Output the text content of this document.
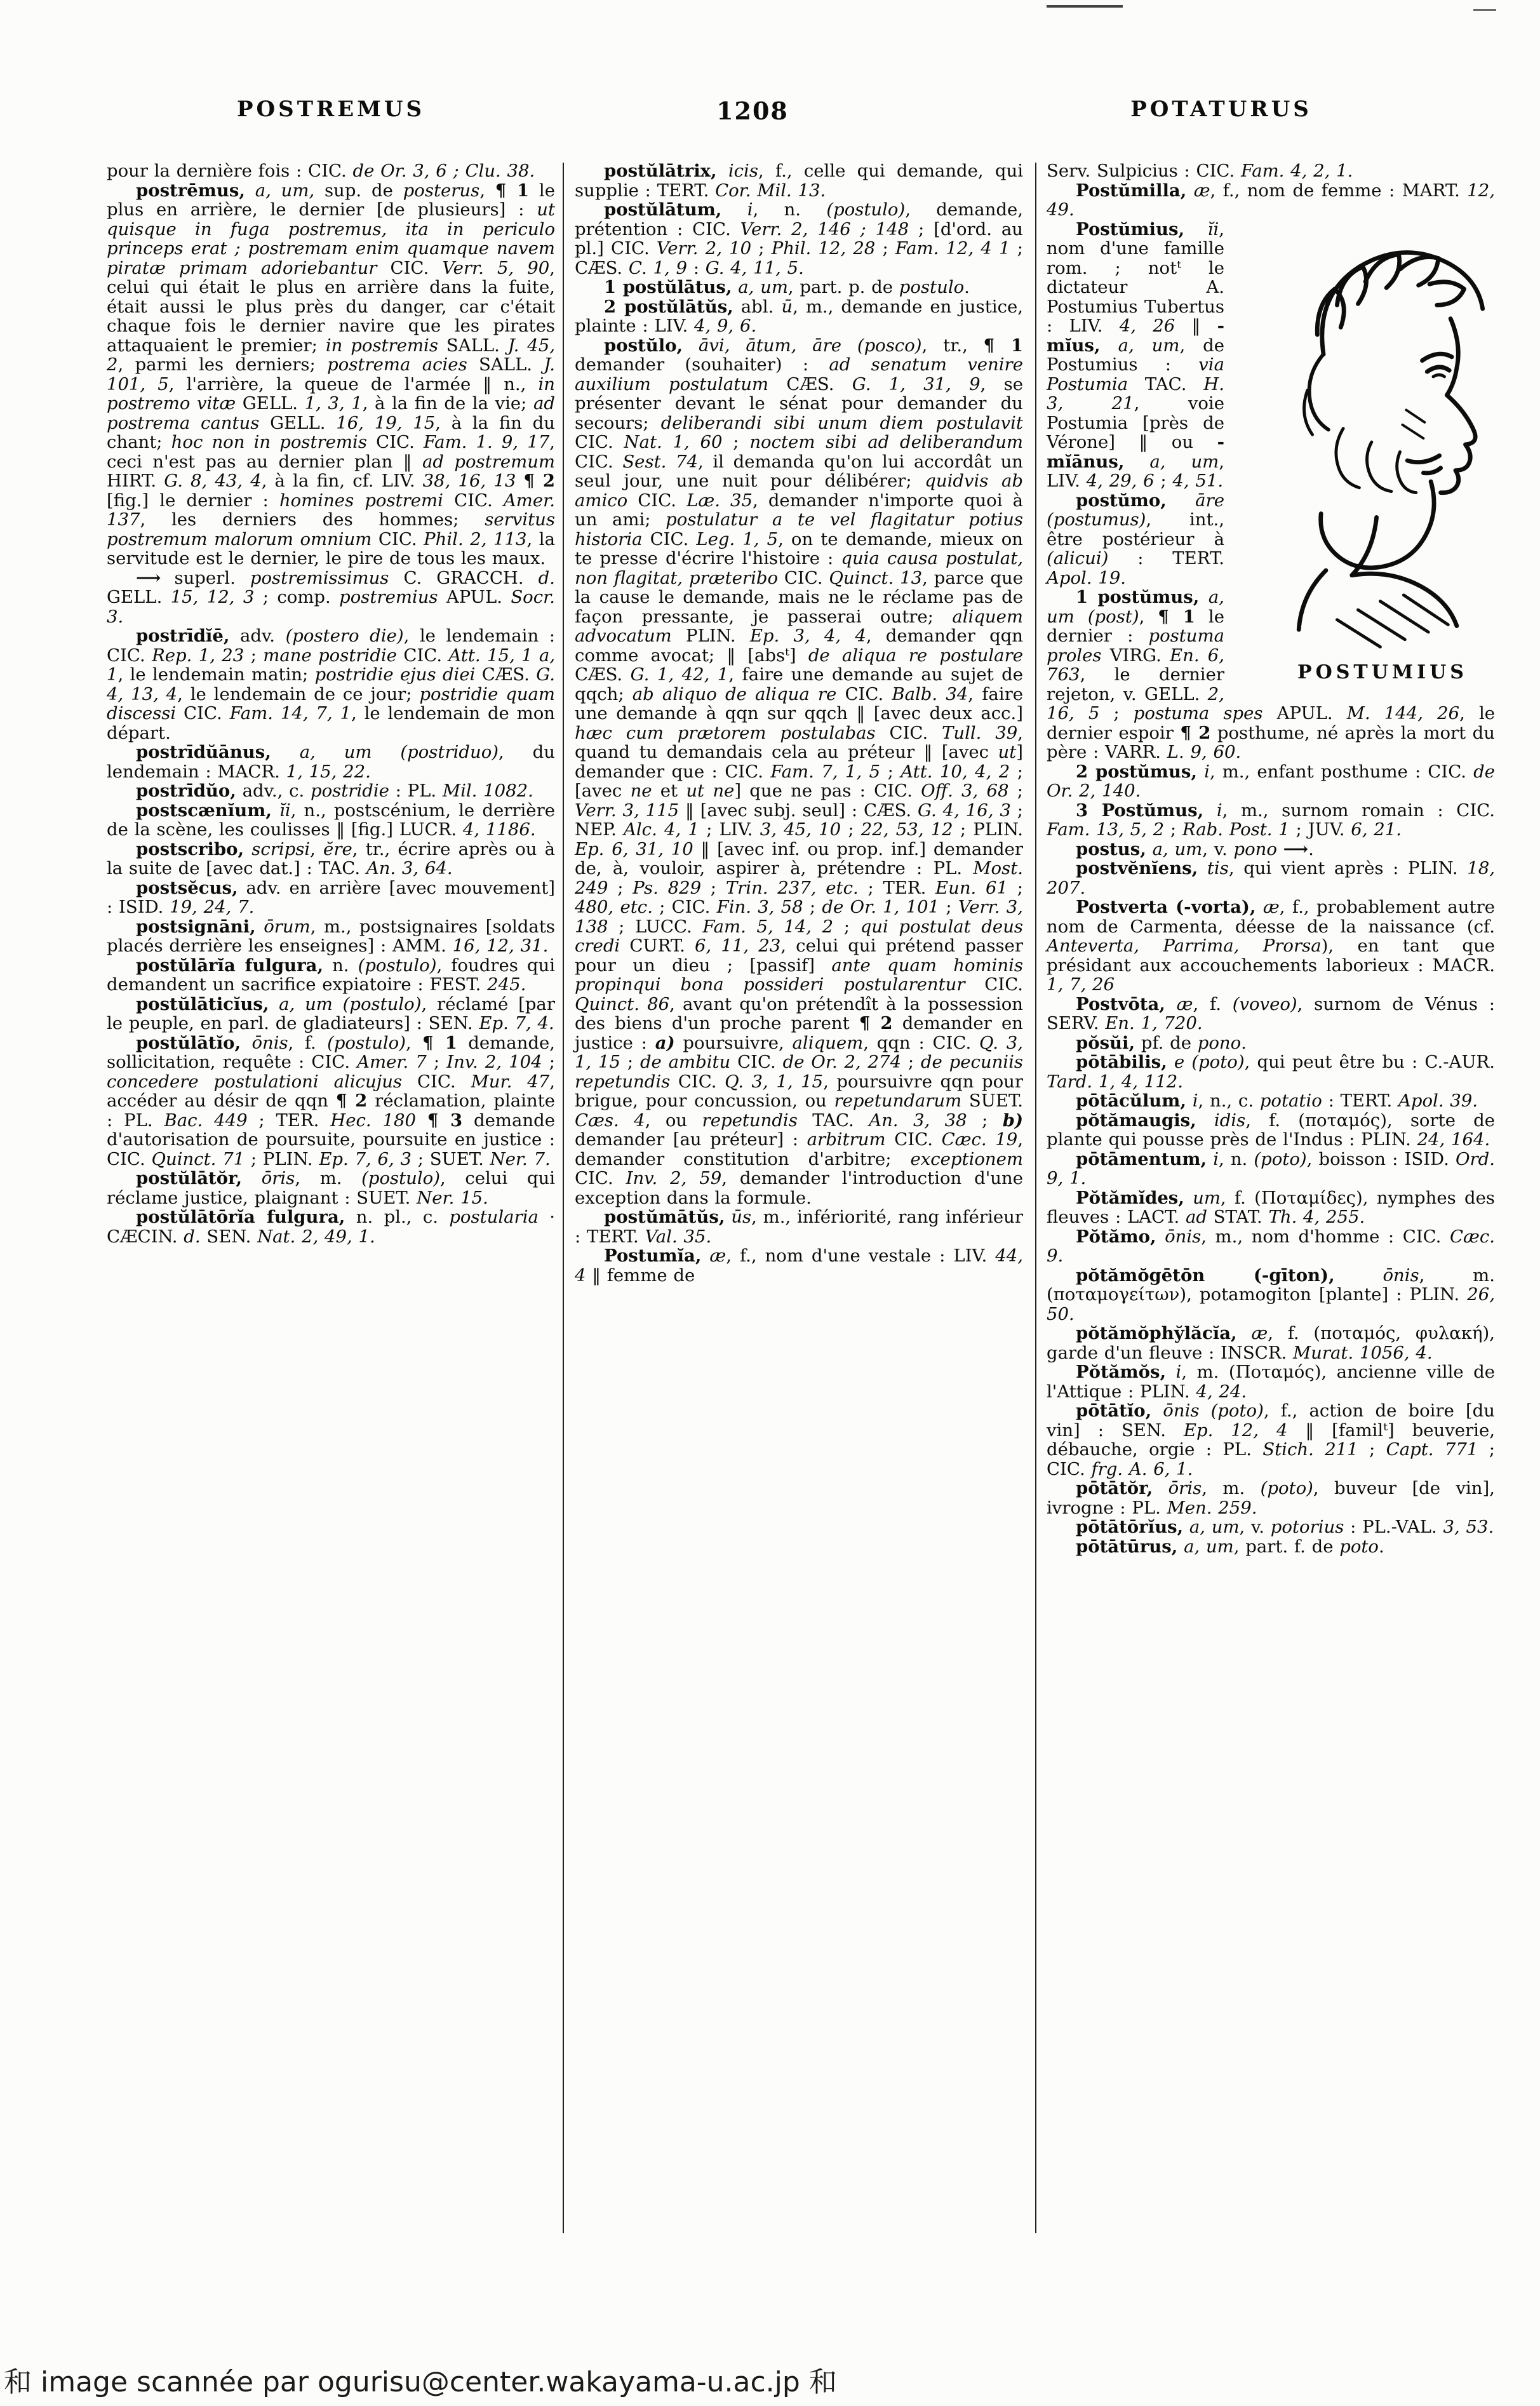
POSTREMUS	1208	POTATURUS

pour la dernière fois : CIC. de Or. 3, 6 ; Clu. 38.

postrēmus, a, um, sup. de posterus, ¶ 1 le plus en arrière, le dernier [de plusieurs] : ut quisque in fuga postremus, ita in periculo princeps erat ; postremam enim quamque navem piratæ primam adoriebantur CIC. Verr. 5, 90, celui qui était le plus en arrière dans la fuite, était aussi le plus près du danger, car c'était chaque fois le dernier navire que les pirates attaquaient le premier; in postremis SALL. J. 45, 2, parmi les derniers; postrema acies SALL. J. 101, 5, l'arrière, la queue de l'armée ‖ n., in postremo vitæ GELL. 1, 3, 1, à la fin de la vie; ad postrema cantus GELL. 16, 19, 15, à la fin du chant; hoc non in postremis CIC. Fam. 1. 9, 17, ceci n'est pas au dernier plan ‖ ad postremum HIRT. G. 8, 43, 4, à la fin, cf. LIV. 38, 16, 13 ¶ 2 [fig.] le dernier : homines postremi CIC. Amer. 137, les derniers des hommes; servitus postremum malorum omnium CIC. Phil. 2, 113, la servitude est le dernier, le pire de tous les maux.

⟶ superl. postremissimus C. GRACCH. d. GELL. 15, 12, 3 ; comp. postremius APUL. Socr. 3.

postrīdĭē, adv. (postero die), le lendemain : CIC. Rep. 1, 23 ; mane postridie CIC. Att. 15, 1 a, 1, le lendemain matin; postridie ejus diei CÆS. G. 4, 13, 4, le lendemain de ce jour; postridie quam discessi CIC. Fam. 14, 7, 1, le lendemain de mon départ.

postrīdŭānus, a, um (postriduo), du lendemain : MACR. 1, 15, 22.

postrīdŭo, adv., c. postridie : PL. Mil. 1082.

postscænĭum, ĭi, n., postscénium, le derrière de la scène, les coulisses ‖ [fig.] LUCR. 4, 1186.

postscribo, scripsi, ĕre, tr., écrire après ou à la suite de [avec dat.] : TAC. An. 3, 64.

postsĕcus, adv. en arrière [avec mouvement] : ISID. 19, 24, 7.

postsignāni, ōrum, m., postsignaires [soldats placés derrière les enseignes] : AMM. 16, 12, 31.

postŭlārĭa fulgura, n. (postulo), foudres qui demandent un sacrifice expiatoire : FEST. 245.

postŭlāticĭus, a, um (postulo), réclamé [par le peuple, en parl. de gladiateurs] : SEN. Ep. 7, 4.

postŭlātĭo, ōnis, f. (postulo), ¶ 1 demande, sollicitation, requête : CIC. Amer. 7 ; Inv. 2, 104 ; concedere postulationi alicujus CIC. Mur. 47, accéder au désir de qqn ¶ 2 réclamation, plainte : PL. Bac. 449 ; TER. Hec. 180 ¶ 3 demande d'autorisation de poursuite, poursuite en justice : CIC. Quinct. 71 ; PLIN. Ep. 7, 6, 3 ; SUET. Ner. 7.

postŭlātŏr, ōris, m. (postulo), celui qui réclame justice, plaignant : SUET. Ner. 15.

postŭlātōrĭa fulgura, n. pl., c. postularia · CÆCIN. d. SEN. Nat. 2, 49, 1.

postŭlātrix, icis, f., celle qui demande, qui supplie : TERT. Cor. Mil. 13.

postŭlātum, i, n. (postulo), demande, prétention : CIC. Verr. 2, 146 ; 148 ; [d'ord. au pl.] CIC. Verr. 2, 10 ; Phil. 12, 28 ; Fam. 12, 4 1 ; CÆS. C. 1, 9 : G. 4, 11, 5.

1 postŭlātus, a, um, part. p. de postulo.

2 postŭlātŭs, abl. ū, m., demande en justice, plainte : LIV. 4, 9, 6.

postŭlo, āvi, ātum, āre (posco), tr., ¶ 1 demander (souhaiter) : ad senatum venire auxilium postulatum CÆS. G. 1, 31, 9, se présenter devant le sénat pour demander du secours; deliberandi sibi unum diem postulavit CIC. Nat. 1, 60 ; noctem sibi ad deliberandum CIC. Sest. 74, il demanda qu'on lui accordât un seul jour, une nuit pour délibérer; quidvis ab amico CIC. Læ. 35, demander n'importe quoi à un ami; postulatur a te vel flagitatur potius historia CIC. Leg. 1, 5, on te demande, mieux on te presse d'écrire l'histoire : quia causa postulat, non flagitat, præteribo CIC. Quinct. 13, parce que la cause le demande, mais ne le réclame pas de façon pressante, je passerai outre; aliquem advocatum PLIN. Ep. 3, 4, 4, demander qqn comme avocat; ‖ [absᵗ] de aliqua re postulare CÆS. G. 1, 42, 1, faire une demande au sujet de qqch; ab aliquo de aliqua re CIC. Balb. 34, faire une demande à qqn sur qqch ‖ [avec deux acc.] hæc cum prætorem postulabas CIC. Tull. 39, quand tu demandais cela au préteur ‖ [avec ut] demander que : CIC. Fam. 7, 1, 5 ; Att. 10, 4, 2 ; [avec ne et ut ne] que ne pas : CIC. Off. 3, 68 ; Verr. 3, 115 ‖ [avec subj. seul] : CÆS. G. 4, 16, 3 ; NEP. Alc. 4, 1 ; LIV. 3, 45, 10 ; 22, 53, 12 ; PLIN. Ep. 6, 31, 10 ‖ [avec inf. ou prop. inf.] demander de, à, vouloir, aspirer à, prétendre : PL. Most. 249 ; Ps. 829 ; Trin. 237, etc. ; TER. Eun. 61 ; 480, etc. ; CIC. Fin. 3, 58 ; de Or. 1, 101 ; Verr. 3, 138 ; LUCC. Fam. 5, 14, 2 ; qui postulat deus credi CURT. 6, 11, 23, celui qui prétend passer pour un dieu ; [passif] ante quam hominis propinqui bona possideri postularentur CIC. Quinct. 86, avant qu'on prétendît à la possession des biens d'un proche parent ¶ 2 demander en justice : a) poursuivre, aliquem, qqn : CIC. Q. 3, 1, 15 ; de ambitu CIC. de Or. 2, 274 ; de pecuniis repetundis CIC. Q. 3, 1, 15, poursuivre qqn pour brigue, pour concussion, ou repetundarum SUET. Cæs. 4, ou repetundis TAC. An. 3, 38 ; b) demander [au préteur] : arbitrum CIC. Cæc. 19, demander constitution d'arbitre; exceptionem CIC. Inv. 2, 59, demander l'introduction d'une exception dans la formule.

postŭmātŭs, ūs, m., infériorité, rang inférieur : TERT. Val. 35.

Postumĭa, æ, f., nom d'une vestale : LIV. 44, 4 ‖ femme de

Serv. Sulpicius : CIC. Fam. 4, 2, 1.

Postŭmilla, æ, f., nom de femme : MART. 12, 49.

POSTUMIUS
Postŭmius, ĭi, nom d'une famille rom. ; notᵗ le dictateur A. Postumius Tubertus : LIV. 4, 26 ‖ -mĭus, a, um, de Postumius : via Postumia TAC. H. 3, 21, voie Postumia [près de Vérone] ‖ ou -mĭānus, a, um, LIV. 4, 29, 6 ; 4, 51.

postŭmo, āre (postumus), int., être postérieur à (alicui) : TERT. Apol. 19.

1 postŭmus, a, um (post), ¶ 1 le dernier : postuma proles VIRG. En. 6, 763, le dernier rejeton, v. GELL. 2, 16, 5 ; postuma spes APUL. M. 144, 26, le dernier espoir ¶ 2 posthume, né après la mort du père : VARR. L. 9, 60.

2 postŭmus, i, m., enfant posthume : CIC. de Or. 2, 140.

3 Postŭmus, i, m., surnom romain : CIC. Fam. 13, 5, 2 ; Rab. Post. 1 ; JUV. 6, 21.

postus, a, um, v. pono ⟶.

postvĕnĭens, tis, qui vient après : PLIN. 18, 207.

Postverta (-vorta), æ, f., probablement autre nom de Carmenta, déesse de la naissance (cf. Anteverta, Parrima, Prorsa), en tant que présidant aux accouchements laborieux : MACR. 1, 7, 26

Postvōta, æ, f. (voveo), surnom de Vénus : SERV. En. 1, 720.

pŏsŭi, pf. de pono.

pōtābilis, e (poto), qui peut être bu : C.-AUR. Tard. 1, 4, 112.

pōtācŭlum, i, n., c. potatio : TERT. Apol. 39.

pŏtămaugis, idis, f. (ποταμός), sorte de plante qui pousse près de l'Indus : PLIN. 24, 164.

pōtāmentum, i, n. (poto), boisson : ISID. Ord. 9, 1.

Pŏtămĭdes, um, f. (Ποταμίδες), nymphes des fleuves : LACT. ad STAT. Th. 4, 255.

Pŏtămo, ōnis, m., nom d'homme : CIC. Cæc. 9.

pŏtămŏgētōn (-gīton),	ōnis, m. (ποταμογείτων), potamogiton [plante] : PLIN. 26, 50.

pŏtămŏphy̆lăcĭa, æ, f. (ποταμός, φυλακή), garde d'un fleuve : INSCR. Murat. 1056, 4.

Pŏtămŏs, i, m. (Ποταμός), ancienne ville de l'Attique : PLIN. 4, 24.

pōtātĭo, ōnis (poto), f., action de boire [du vin] : SEN. Ep. 12, 4 ‖ [familᵗ] beuverie, débauche, orgie : PL. Stich. 211 ; Capt. 771 ; CIC. frg. A. 6, 1.

pōtātŏr, ōris, m. (poto), buveur [de vin], ivrogne : PL. Men. 259.

pōtātōrĭus, a, um, v. potorius : PL.-VAL. 3, 53.

pōtātūrus, a, um, part. f. de poto.

和 image scannée par ogurisu@center.wakayama-u.ac.jp 和
